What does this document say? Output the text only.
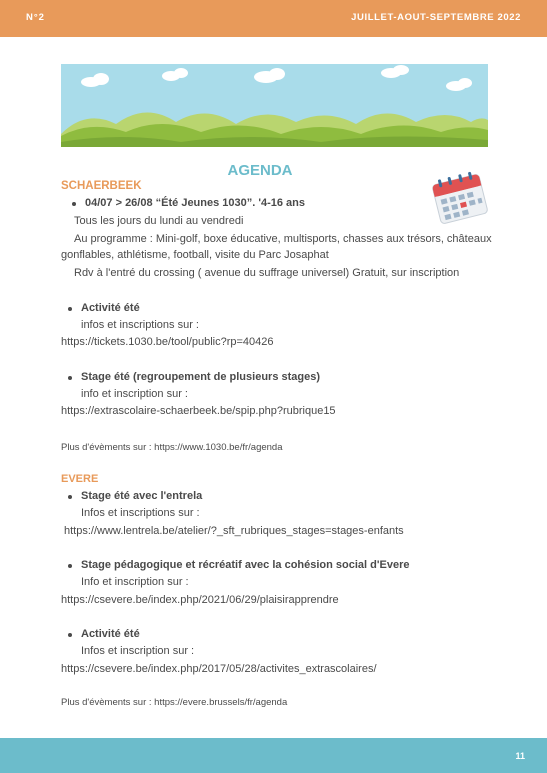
N°2	JUILLET-AOUT-SEPTEMBRE 2022
AGENDA
SCHAERBEEK
04/07 > 26/08 “Été Jeunes 1030”. '4-16 ans
Tous les jours du lundi au vendredi
Au programme : Mini-golf, boxe éducative, multisports, chasses aux trésors, châteaux
gonflables, athlétisme, football, visite du Parc Josaphat
Rdv à l'entré du crossing ( avenue du suffrage universel) Gratuit, sur inscription
Activité été
infos et inscriptions sur :
https://tickets.1030.be/tool/public?rp=40426
Stage été (regroupement de plusieurs stages)
info et inscription sur :
https://extrascolaire-schaerbeek.be/spip.php?rubrique15
Plus d'évèments sur : https://www.1030.be/fr/agenda
EVERE
Stage été avec l'entrela
Infos et inscriptions sur :
https://www.lentrela.be/atelier/?_sft_rubriques_stages=stages-enfants
Stage pédagogique et récréatif avec la cohésion social d'Evere
Info et inscription sur :
https://csevere.be/index.php/2021/06/29/plaisirapprendre
Activité été
Infos et inscription sur :
https://csevere.be/index.php/2017/05/28/activites_extrascolaires/
Plus d'évèments sur : https://evere.brussels/fr/agenda
11
